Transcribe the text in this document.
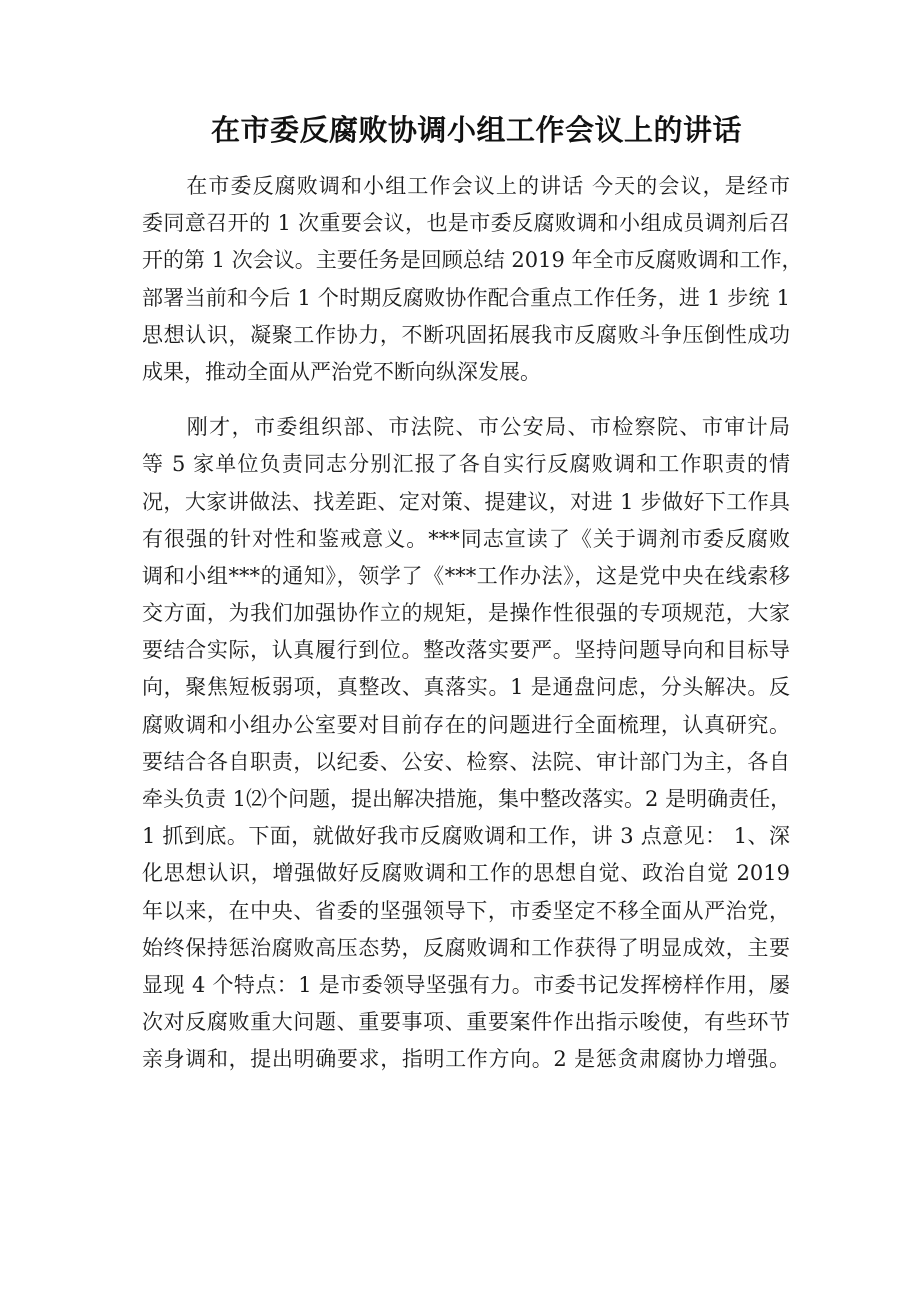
在市委反腐败协调小组工作会议上的讲话
　　在市委反腐败调和小组工作会议上的讲话 今天的会议，是经市
委同意召开的 1 次重要会议，也是市委反腐败调和小组成员调剂后召
开的第 1 次会议。主要任务是回顾总结 2019 年全市反腐败调和工作，
部署当前和今后 1 个时期反腐败协作配合重点工作任务，进 1 步统 1
思想认识，凝聚工作协力，不断巩固拓展我市反腐败斗争压倒性成功
成果，推动全面从严治党不断向纵深发展。
　　刚才，市委组织部、市法院、市公安局、市检察院、市审计局
等 5 家单位负责同志分别汇报了各自实行反腐败调和工作职责的情
况，大家讲做法、找差距、定对策、提建议，对进 1 步做好下工作具
有很强的针对性和鉴戒意义。***同志宣读了《关于调剂市委反腐败
调和小组***的通知》，领学了《***工作办法》，这是党中央在线索移
交方面，为我们加强协作立的规矩，是操作性很强的专项规范，大家
要结合实际，认真履行到位。整改落实要严。坚持问题导向和目标导
向，聚焦短板弱项，真整改、真落实。1 是通盘问虑，分头解决。反
腐败调和小组办公室要对目前存在的问题进行全面梳理，认真研究。
要结合各自职责，以纪委、公安、检察、法院、审计部门为主，各自
牵头负责 1⑵个问题，提出解决措施，集中整改落实。2 是明确责任，
1 抓到底。下面，就做好我市反腐败调和工作，讲 3 点意见： 1、深
化思想认识，增强做好反腐败调和工作的思想自觉、政治自觉 2019
年以来，在中央、省委的坚强领导下，市委坚定不移全面从严治党，
始终保持惩治腐败高压态势，反腐败调和工作获得了明显成效，主要
显现 4 个特点：1 是市委领导坚强有力。市委书记发挥榜样作用，屡
次对反腐败重大问题、重要事项、重要案件作出指示唆使，有些环节
亲身调和，提出明确要求，指明工作方向。2 是惩贪肃腐协力增强。
